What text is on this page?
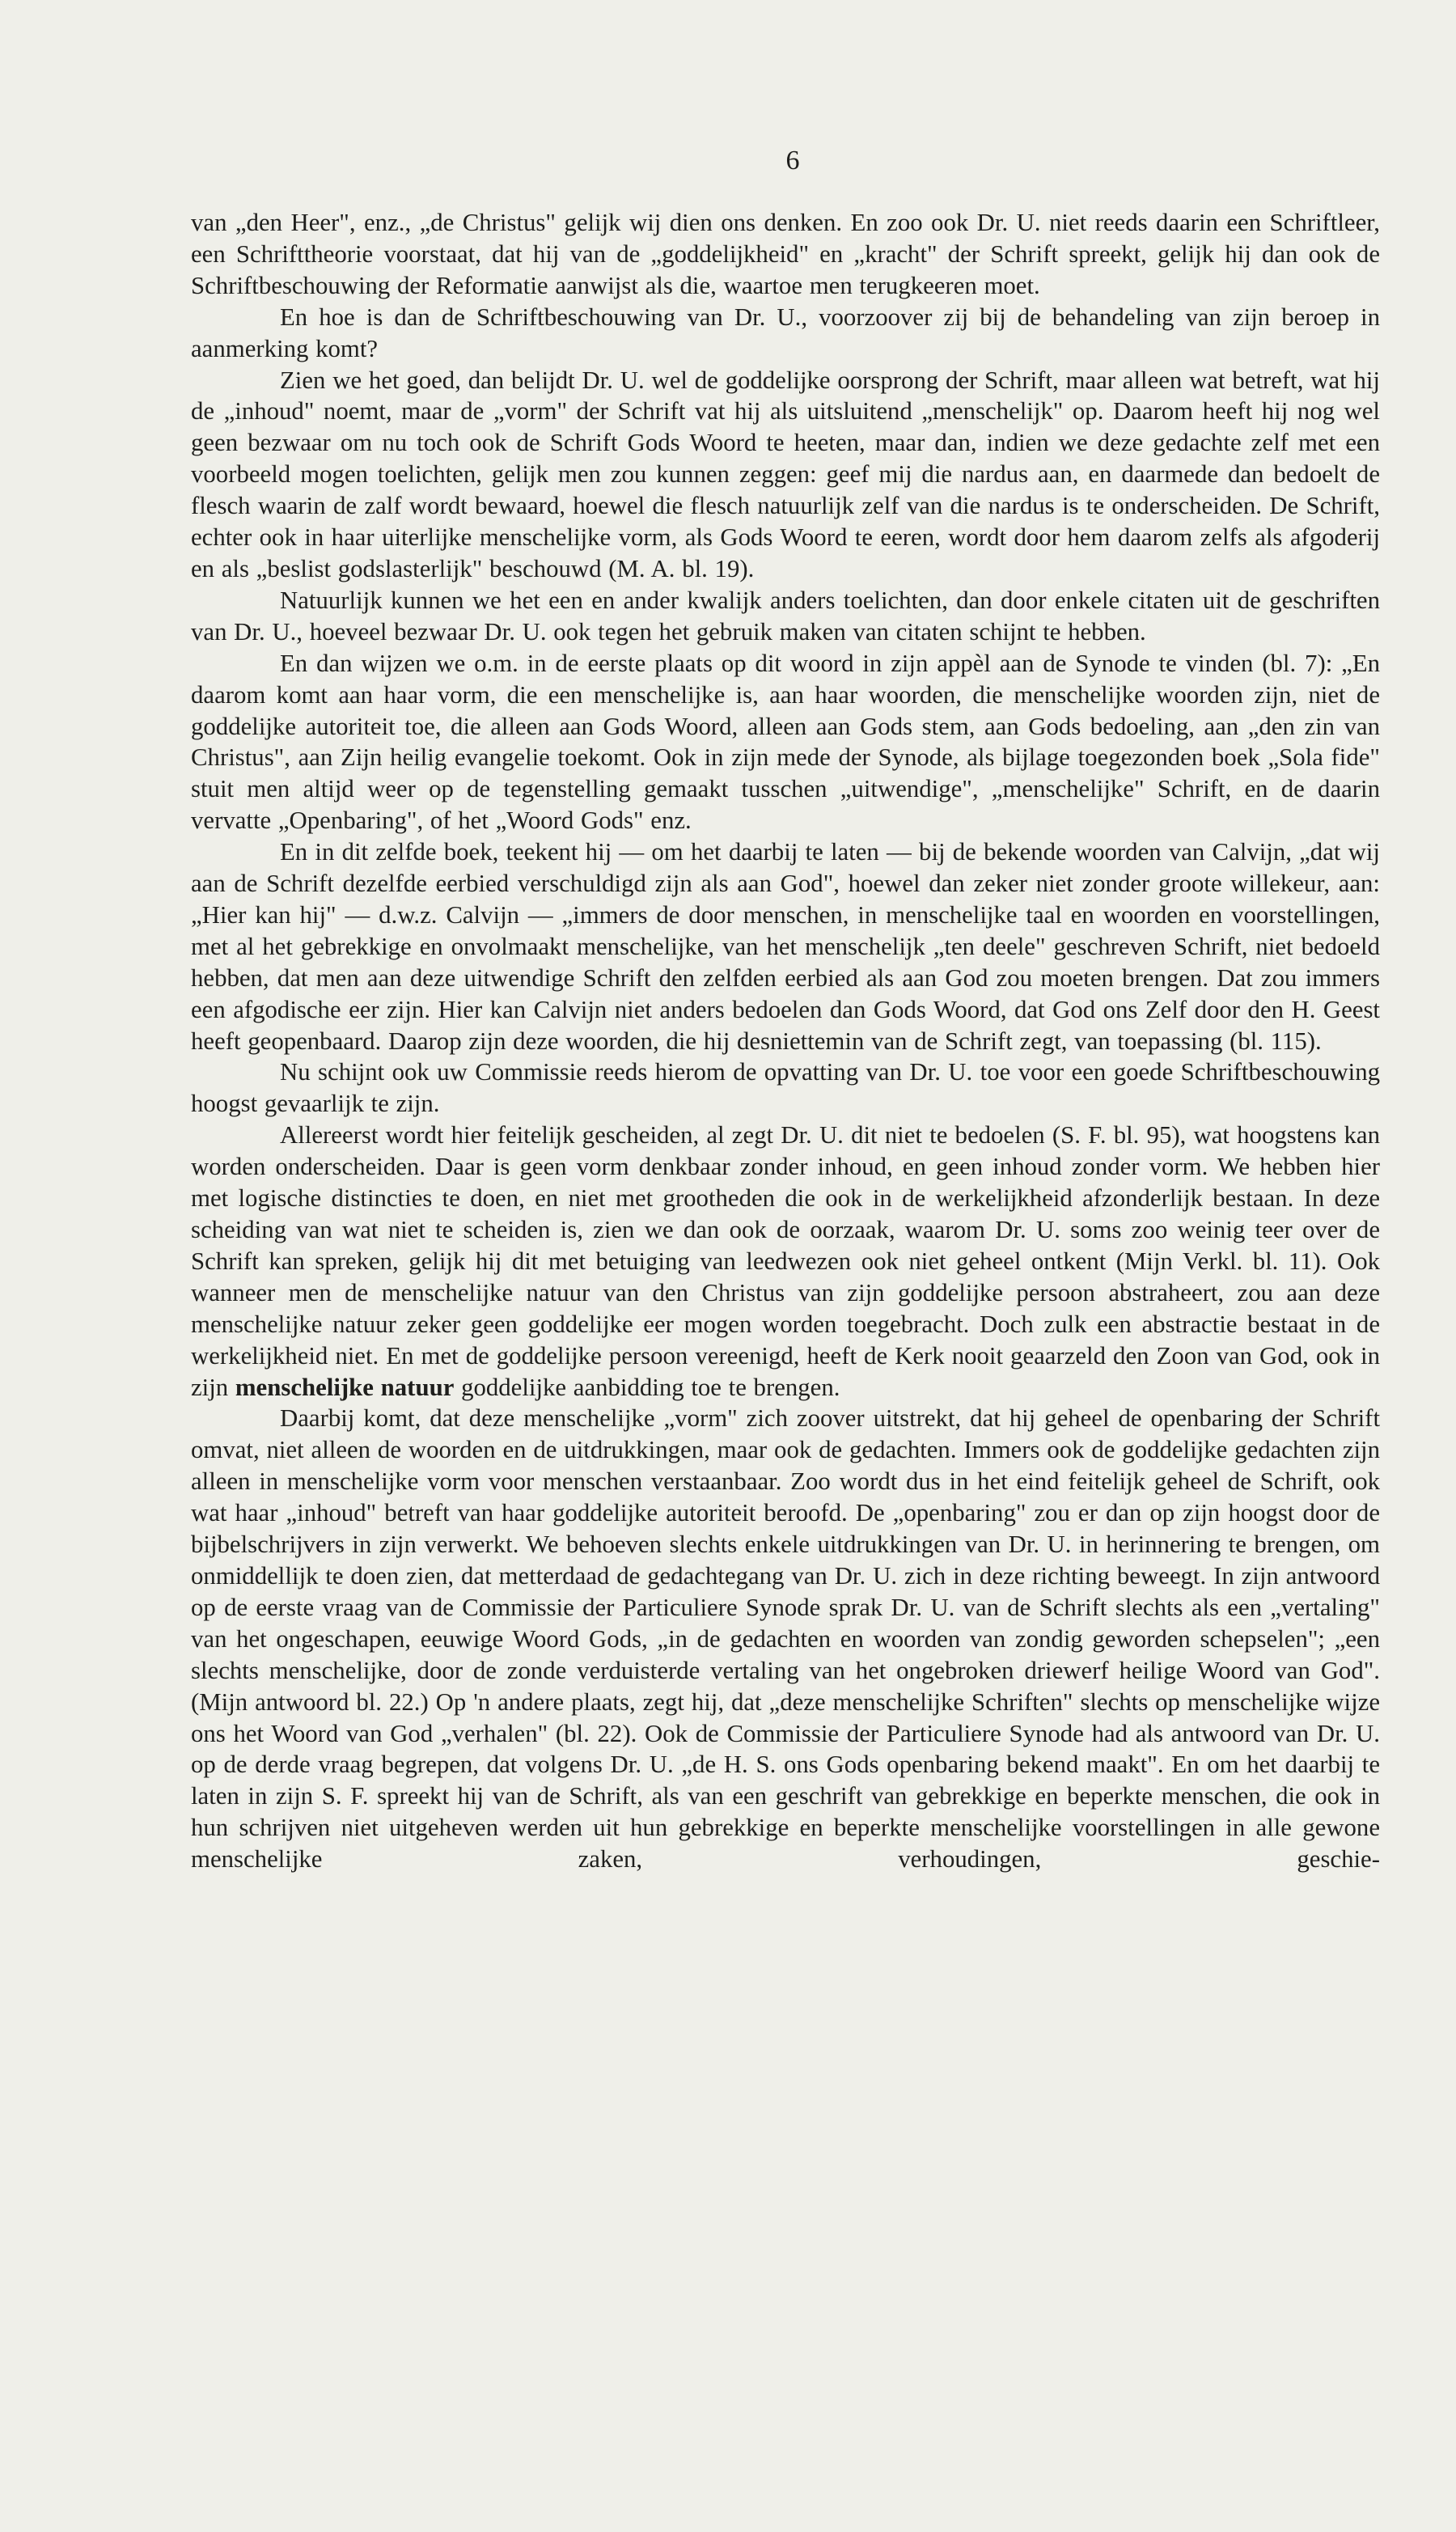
6

van „den Heer", enz., „de Christus" gelijk wij dien ons denken. En zoo ook Dr. U. niet reeds daarin een Schriftleer, een Schrifttheorie voorstaat, dat hij van de „goddelijkheid" en „kracht" der Schrift spreekt, gelijk hij dan ook de Schriftbeschouwing der Reformatie aanwijst als die, waartoe men terugkeeren moet.

En hoe is dan de Schriftbeschouwing van Dr. U., voorzoover zij bij de behandeling van zijn beroep in aanmerking komt?

Zien we het goed, dan belijdt Dr. U. wel de goddelijke oorsprong der Schrift, maar alleen wat betreft, wat hij de „inhoud" noemt, maar de „vorm" der Schrift vat hij als uitsluitend „menschelijk" op. Daarom heeft hij nog wel geen bezwaar om nu toch ook de Schrift Gods Woord te heeten, maar dan, indien we deze gedachte zelf met een voorbeeld mogen toelichten, gelijk men zou kunnen zeggen: geef mij die nardus aan, en daarmede dan bedoelt de flesch waarin de zalf wordt bewaard, hoewel die flesch natuurlijk zelf van die nardus is te onderscheiden. De Schrift, echter ook in haar uiterlijke menschelijke vorm, als Gods Woord te eeren, wordt door hem daarom zelfs als afgoderij en als „beslist godslasterlijk" beschouwd (M. A. bl. 19).

Natuurlijk kunnen we het een en ander kwalijk anders toelichten, dan door enkele citaten uit de geschriften van Dr. U., hoeveel bezwaar Dr. U. ook tegen het gebruik maken van citaten schijnt te hebben.

En dan wijzen we o.m. in de eerste plaats op dit woord in zijn appèl aan de Synode te vinden (bl. 7): „En daarom komt aan haar vorm, die een menschelijke is, aan haar woorden, die menschelijke woorden zijn, niet de goddelijke autoriteit toe, die alleen aan Gods Woord, alleen aan Gods stem, aan Gods bedoeling, aan „den zin van Christus", aan Zijn heilig evangelie toekomt. Ook in zijn mede der Synode, als bijlage toegezonden boek „Sola fide" stuit men altijd weer op de tegenstelling gemaakt tusschen „uitwendige", „menschelijke" Schrift, en de daarin vervatte „Openbaring", of het „Woord Gods" enz.

En in dit zelfde boek, teekent hij — om het daarbij te laten — bij de bekende woorden van Calvijn, „dat wij aan de Schrift dezelfde eerbied verschuldigd zijn als aan God", hoewel dan zeker niet zonder groote willekeur, aan: „Hier kan hij" — d.w.z. Calvijn — „immers de door menschen, in menschelijke taal en woorden en voorstellingen, met al het gebrekkige en onvolmaakt menschelijke, van het menschelijk „ten deele" geschreven Schrift, niet bedoeld hebben, dat men aan deze uitwendige Schrift den zelfden eerbied als aan God zou moeten brengen. Dat zou immers een afgodische eer zijn. Hier kan Calvijn niet anders bedoelen dan Gods Woord, dat God ons Zelf door den H. Geest heeft geopenbaard. Daarop zijn deze woorden, die hij desniettemin van de Schrift zegt, van toepassing (bl. 115).

Nu schijnt ook uw Commissie reeds hierom de opvatting van Dr. U. toe voor een goede Schriftbeschouwing hoogst gevaarlijk te zijn.

Allereerst wordt hier feitelijk gescheiden, al zegt Dr. U. dit niet te bedoelen (S. F. bl. 95), wat hoogstens kan worden onderscheiden. Daar is geen vorm denkbaar zonder inhoud, en geen inhoud zonder vorm. We hebben hier met logische distincties te doen, en niet met grootheden die ook in de werkelijkheid afzonderlijk bestaan. In deze scheiding van wat niet te scheiden is, zien we dan ook de oorzaak, waarom Dr. U. soms zoo weinig teer over de Schrift kan spreken, gelijk hij dit met betuiging van leedwezen ook niet geheel ontkent (Mijn Verkl. bl. 11). Ook wanneer men de menschelijke natuur van den Christus van zijn goddelijke persoon abstraheert, zou aan deze menschelijke natuur zeker geen goddelijke eer mogen worden toegebracht. Doch zulk een abstractie bestaat in de werkelijkheid niet. En met de goddelijke persoon vereenigd, heeft de Kerk nooit geaarzeld den Zoon van God, ook in zijn menschelijke natuur goddelijke aanbidding toe te brengen.

Daarbij komt, dat deze menschelijke „vorm" zich zoover uitstrekt, dat hij geheel de openbaring der Schrift omvat, niet alleen de woorden en de uitdrukkingen, maar ook de gedachten. Immers ook de goddelijke gedachten zijn alleen in menschelijke vorm voor menschen verstaanbaar. Zoo wordt dus in het eind feitelijk geheel de Schrift, ook wat haar „inhoud" betreft van haar goddelijke autoriteit beroofd. De „openbaring" zou er dan op zijn hoogst door de bijbelschrijvers in zijn verwerkt. We behoeven slechts enkele uitdrukkingen van Dr. U. in herinnering te brengen, om onmiddellijk te doen zien, dat metterdaad de gedachtegang van Dr. U. zich in deze richting beweegt. In zijn antwoord op de eerste vraag van de Commissie der Particuliere Synode sprak Dr. U. van de Schrift slechts als een „vertaling" van het ongeschapen, eeuwige Woord Gods, „in de gedachten en woorden van zondig geworden schepselen"; „een slechts menschelijke, door de zonde verduisterde vertaling van het ongebroken driewerf heilige Woord van God". (Mijn antwoord bl. 22.) Op 'n andere plaats, zegt hij, dat „deze menschelijke Schriften" slechts op menschelijke wijze ons het Woord van God „verhalen" (bl. 22). Ook de Commissie der Particuliere Synode had als antwoord van Dr. U. op de derde vraag begrepen, dat volgens Dr. U. „de H. S. ons Gods openbaring bekend maakt". En om het daarbij te laten in zijn S. F. spreekt hij van de Schrift, als van een geschrift van gebrekkige en beperkte menschen, die ook in hun schrijven niet uitgeheven werden uit hun gebrekkige en beperkte menschelijke voorstellingen in alle gewone menschelijke zaken, verhoudingen, geschie-
